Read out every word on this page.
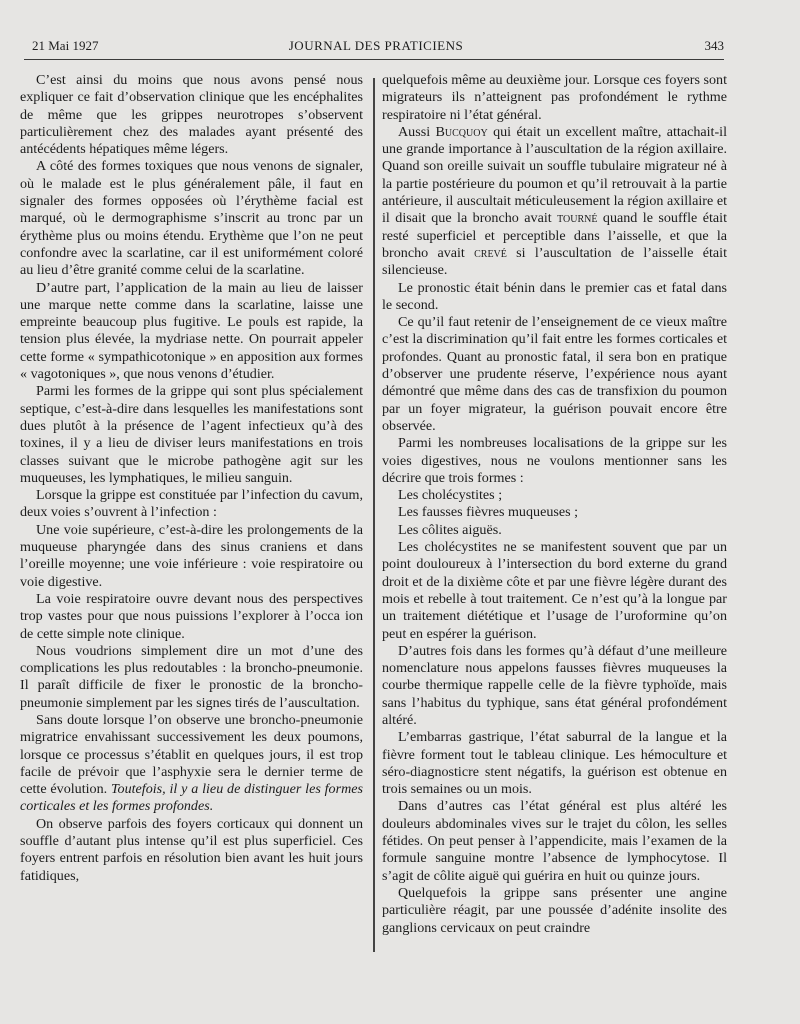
21 Mai 1927	JOURNAL DES PRATICIENS	343

C’est ainsi du moins que nous avons pensé nous expliquer ce fait d’observation clinique que les encéphalites de même que les grippes neurotropes s’observent particulièrement chez des malades ayant présenté des antécédents hépatiques même légers.

A côté des formes toxiques que nous venons de signaler, où le malade est le plus généralement pâle, il faut en signaler des formes opposées où l’érythème facial est marqué, où le dermographisme s’inscrit au tronc par un érythème plus ou moins étendu. Erythème que l’on ne peut confondre avec la scarlatine, car il est uniformément coloré au lieu d’être granité comme celui de la scarlatine.

D’autre part, l’application de la main au lieu de laisser une marque nette comme dans la scarlatine, laisse une empreinte beaucoup plus fugitive. Le pouls est rapide, la tension plus élevée, la mydriase nette. On pourrait appeler cette forme « sympathicotonique » en apposition aux formes « vagotoniques », que nous venons d’étudier.

Parmi les formes de la grippe qui sont plus spécialement septique, c’est-à-dire dans lesquelles les manifestations sont dues plutôt à la présence de l’agent infectieux qu’à des toxines, il y a lieu de diviser leurs manifestations en trois classes suivant que le microbe pathogène agit sur les muqueuses, les lymphatiques, le milieu sanguin.

Lorsque la grippe est constituée par l’infection du cavum, deux voies s’ouvrent à l’infection :

Une voie supérieure, c’est-à-dire les prolongements de la muqueuse pharyngée dans des sinus craniens et dans l’oreille moyenne; une voie inférieure : voie respiratoire ou voie digestive.

La voie respiratoire ouvre devant nous des perspectives trop vastes pour que nous puissions l’explorer à l’occa ion de cette simple note clinique.

Nous voudrions simplement dire un mot d’une des complications les plus redoutables : la broncho-pneumonie. Il paraît difficile de fixer le pronostic de la broncho-pneumonie simplement par les signes tirés de l’auscultation.

Sans doute lorsque l’on observe une broncho-pneumonie migratrice envahissant successivement les deux poumons, lorsque ce processus s’établit en quelques jours, il est trop facile de prévoir que l’asphyxie sera le dernier terme de cette évolution. Toutefois, il y a lieu de distinguer les formes corticales et les formes profondes.

On observe parfois des foyers corticaux qui donnent un souffle d’autant plus intense qu’il est plus superficiel. Ces foyers entrent parfois en résolution bien avant les huit jours fatidiques,

quelquefois même au deuxième jour. Lorsque ces foyers sont migrateurs ils n’atteignent pas profondément le rythme respiratoire ni l’état général.

Aussi Bucquoy qui était un excellent maître, attachait-il une grande importance à l’auscultation de la région axillaire. Quand son oreille suivait un souffle tubulaire migrateur né à la partie postérieure du poumon et qu’il retrouvait à la partie antérieure, il auscultait méticuleusement la région axillaire et il disait que la broncho avait tourné quand le souffle était resté superficiel et perceptible dans l’aisselle, et que la broncho avait crevé si l’auscultation de l’aisselle était silencieuse.

Le pronostic était bénin dans le premier cas et fatal dans le second.

Ce qu’il faut retenir de l’enseignement de ce vieux maître c’est la discrimination qu’il fait entre les formes corticales et profondes. Quant au pronostic fatal, il sera bon en pratique d’observer une prudente réserve, l’expérience nous ayant démontré que même dans des cas de transfixion du poumon par un foyer migrateur, la guérison pouvait encore être observée.

Parmi les nombreuses localisations de la grippe sur les voies digestives, nous ne voulons mentionner sans les décrire que trois formes :

Les cholécystites ;

Les fausses fièvres muqueuses ;

Les côlites aiguës.

Les cholécystites ne se manifestent souvent que par un point douloureux à l’intersection du bord externe du grand droit et de la dixième côte et par une fièvre légère durant des mois et rebelle à tout traitement. Ce n’est qu’à la longue par un traitement diététique et l’usage de l’uroformine qu’on peut en espérer la guérison.

D’autres fois dans les formes qu’à défaut d’une meilleure nomenclature nous appelons fausses fièvres muqueuses la courbe thermique rappelle celle de la fièvre typhoïde, mais sans l’habitus du typhique, sans état général profondément altéré.

L’embarras gastrique, l’état saburral de la langue et la fièvre forment tout le tableau clinique. Les hémoculture et séro-diagnosticre stent négatifs, la guérison est obtenue en trois semaines ou un mois.

Dans d’autres cas l’état général est plus altéré les douleurs abdominales vives sur le trajet du côlon, les selles fétides. On peut penser à l’appendicite, mais l’examen de la formule sanguine montre l’absence de lymphocytose. Il s’agit de côlite aiguë qui guérira en huit ou quinze jours.

Quelquefois la grippe sans présenter une angine particulière réagit, par une poussée d’adénite insolite des ganglions cervicaux on peut craindre
